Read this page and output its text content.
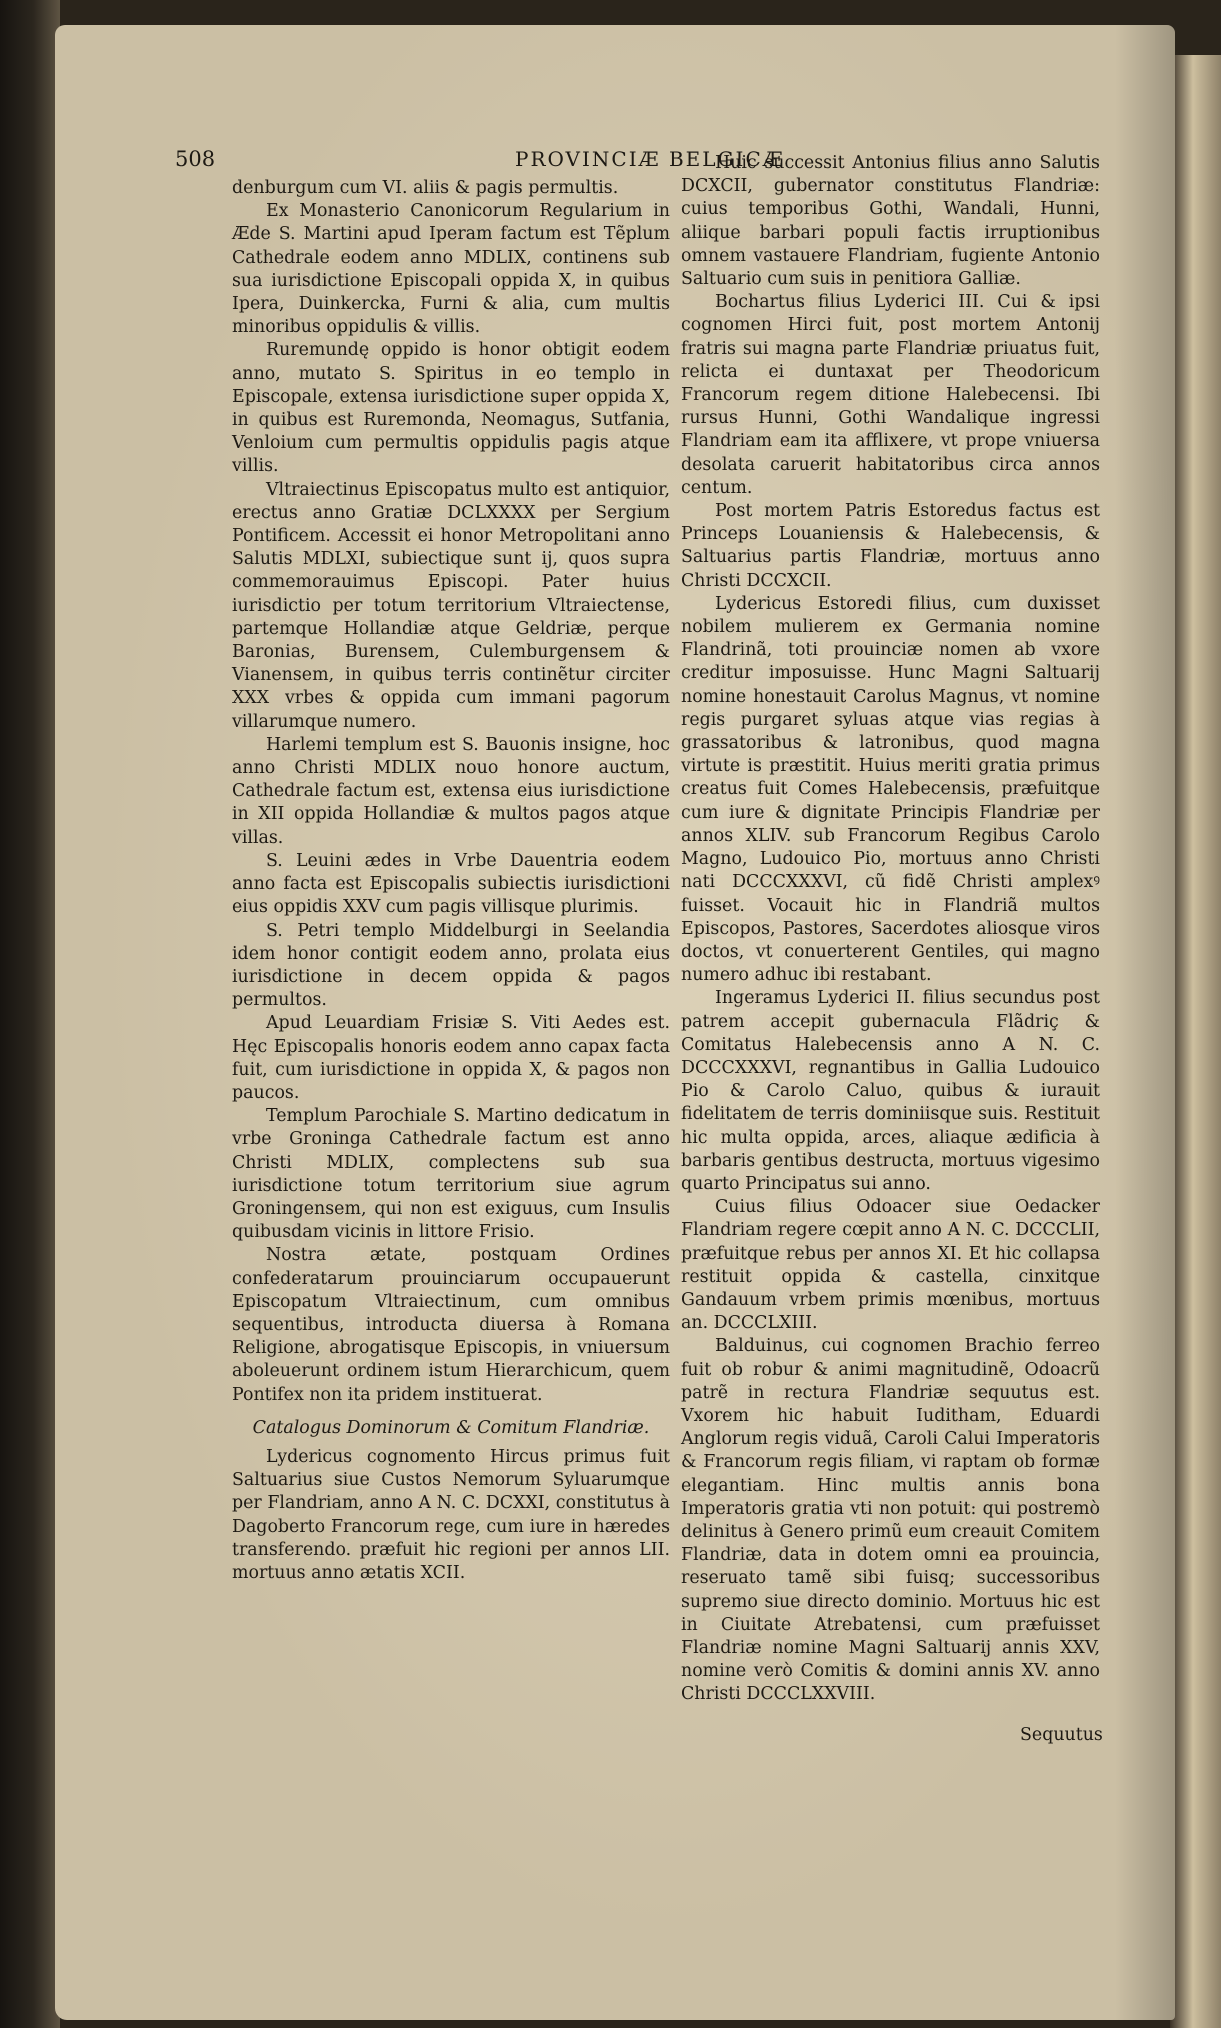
508	PROVINCIÆ BELGICÆ

denburgum cum VI. aliis & pagis permultis.

Ex Monasterio Canonicorum Regularium in Æde S. Martini apud Iperam factum est Tẽplum Cathedrale eodem anno MDLIX, continens sub sua iurisdictione Episcopali oppida X, in quibus Ipera, Duinkercka, Furni & alia, cum multis minoribus oppidulis & villis.

Ruremundę oppido is honor obtigit eodem anno, mutato S. Spiritus in eo templo in Episcopale, extensa iurisdictione super oppida X, in quibus est Ruremonda, Neomagus, Sutfania, Venloium cum permultis oppidulis pagis atque villis.

Vltraiectinus Episcopatus multo est antiquior, erectus anno Gratiæ DCLXXXX per Sergium Pontificem. Accessit ei honor Metropolitani anno Salutis MDLXI, subiectique sunt ij, quos supra commemorauimus Episcopi. Pater huius iurisdictio per totum territorium Vltraiectense, partemque Hollandiæ atque Geldriæ, perque Baronias, Burensem, Culemburgensem & Vianensem, in quibus terris continẽtur circiter XXX vrbes & oppida cum immani pagorum villarumque numero.

Harlemi templum est S. Bauonis insigne, hoc anno Christi MDLIX nouo honore auctum, Cathedrale factum est, extensa eius iurisdictione in XII oppida Hollandiæ & multos pagos atque villas.

S. Leuini ædes in Vrbe Dauentria eodem anno facta est Episcopalis subiectis iurisdictioni eius oppidis XXV cum pagis villisque plurimis.

S. Petri templo Middelburgi in Seelandia idem honor contigit eodem anno, prolata eius iurisdictione in decem oppida & pagos permultos.

Apud Leuardiam Frisiæ S. Viti Aedes est. Hęc Episcopalis honoris eodem anno capax facta fuit, cum iurisdictione in oppida X, & pagos non paucos.

Templum Parochiale S. Martino dedicatum in vrbe Groninga Cathedrale factum est anno Christi MDLIX, complectens sub sua iurisdictione totum territorium siue agrum Groningensem, qui non est exiguus, cum Insulis quibusdam vicinis in littore Frisio.

Nostra ætate, postquam Ordines confederatarum prouinciarum occupauerunt Episcopatum Vltraiectinum, cum omnibus sequentibus, introducta diuersa à Romana Religione, abrogatisque Episcopis, in vniuersum aboleuerunt ordinem istum Hierarchicum, quem Pontifex non ita pridem instituerat.

Catalogus Dominorum & Comitum Flandriæ.

Lydericus cognomento Hircus primus fuit Saltuarius siue Custos Nemorum Syluarumque per Flandriam, anno A N. C. DCXXI, constitutus à Dagoberto Francorum rege, cum iure in hæredes transferendo. præfuit hic regioni per annos LII. mortuus anno ætatis XCII.

Huic successit Antonius filius anno Salutis DCXCII, gubernator constitutus Flandriæ: cuius temporibus Gothi, Wandali, Hunni, aliique barbari populi factis irruptionibus omnem vastauere Flandriam, fugiente Antonio Saltuario cum suis in penitiora Galliæ.

Bochartus filius Lyderici III. Cui & ipsi cognomen Hirci fuit, post mortem Antonij fratris sui magna parte Flandriæ priuatus fuit, relicta ei duntaxat per Theodoricum Francorum regem ditione Halebecensi. Ibi rursus Hunni, Gothi Wandalique ingressi Flandriam eam ita afflixere, vt prope vniuersa desolata caruerit habitatoribus circa annos centum.

Post mortem Patris Estoredus factus est Princeps Louaniensis & Halebecensis, & Saltuarius partis Flandriæ, mortuus anno Christi DCCXCII.

Lydericus Estoredi filius, cum duxisset nobilem mulierem ex Germania nomine Flandrinã, toti prouinciæ nomen ab vxore creditur imposuisse. Hunc Magni Saltuarij nomine honestauit Carolus Magnus, vt nomine regis purgaret syluas atque vias regias à grassatoribus & latronibus, quod magna virtute is præstitit. Huius meriti gratia primus creatus fuit Comes Halebecensis, præfuitque cum iure & dignitate Principis Flandriæ per annos XLIV. sub Francorum Regibus Carolo Magno, Ludouico Pio, mortuus anno Christi nati DCCCXXXVI, cũ fidẽ Christi amplexꝰ fuisset. Vocauit hic in Flandriã multos Episcopos, Pastores, Sacerdotes aliosque viros doctos, vt conuerterent Gentiles, qui magno numero adhuc ibi restabant.

Ingeramus Lyderici II. filius secundus post patrem accepit gubernacula Flãdriç & Comitatus Halebecensis anno A N. C. DCCCXXXVI, regnantibus in Gallia Ludouico Pio & Carolo Caluo, quibus & iurauit fidelitatem de terris dominiisque suis. Restituit hic multa oppida, arces, aliaque ædificia à barbaris gentibus destructa, mortuus vigesimo quarto Principatus sui anno.

Cuius filius Odoacer siue Oedacker Flandriam regere cœpit anno A N. C. DCCCLII, præfuitque rebus per annos XI. Et hic collapsa restituit oppida & castella, cinxitque Gandauum vrbem primis mœnibus, mortuus an. DCCCLXIII.

Balduinus, cui cognomen Brachio ferreo fuit ob robur & animi magnitudinẽ, Odoacrũ patrẽ in rectura Flandriæ sequutus est. Vxorem hic habuit Iuditham, Eduardi Anglorum regis viduã, Caroli Calui Imperatoris & Francorum regis filiam, vi raptam ob formæ elegantiam. Hinc multis annis bona Imperatoris gratia vti non potuit: qui postremò delinitus à Genero primũ eum creauit Comitem Flandriæ, data in dotem omni ea prouincia, reseruato tamẽ sibi fuisq; successoribus supremo siue directo dominio. Mortuus hic est in Ciuitate Atrebatensi, cum præfuisset Flandriæ nomine Magni Saltuarij annis XXV, nomine verò Comitis & domini annis XV. anno Christi DCCCLXXVIII.

Sequutus
